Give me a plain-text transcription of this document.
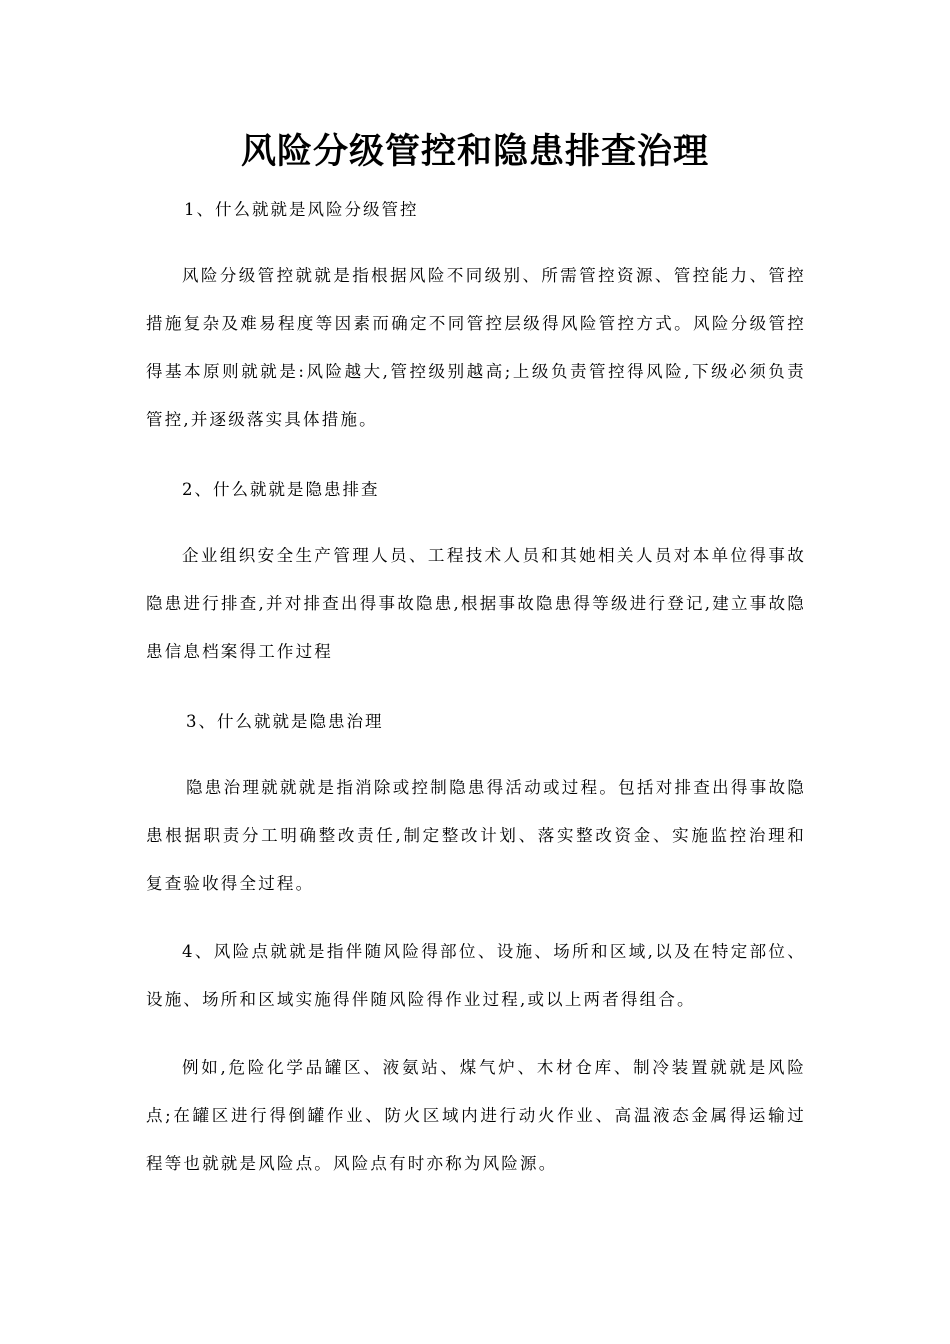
风险分级管控和隐患排查治理
1、什么就就是风险分级管控
风险分级管控就就是指根据风险不同级别、所需管控资源、管控能力、管控措施复杂及难易程度等因素而确定不同管控层级得风险管控方式。风险分级管控得基本原则就就是:风险越大,管控级别越高;上级负责管控得风险,下级必须负责管控,并逐级落实具体措施。
2、什么就就是隐患排查
企业组织安全生产管理人员、工程技术人员和其她相关人员对本单位得事故隐患进行排查,并对排查出得事故隐患,根据事故隐患得等级进行登记,建立事故隐患信息档案得工作过程
3、什么就就是隐患治理
隐患治理就就就是指消除或控制隐患得活动或过程。包括对排查出得事故隐患根据职责分工明确整改责任,制定整改计划、落实整改资金、实施监控治理和复查验收得全过程。
4、风险点就就是指伴随风险得部位、设施、场所和区域,以及在特定部位、设施、场所和区域实施得伴随风险得作业过程,或以上两者得组合。
例如,危险化学品罐区、液氨站、煤气炉、木材仓库、制冷装置就就是风险点;在罐区进行得倒罐作业、防火区域内进行动火作业、高温液态金属得运输过程等也就就是风险点。风险点有时亦称为风险源。
